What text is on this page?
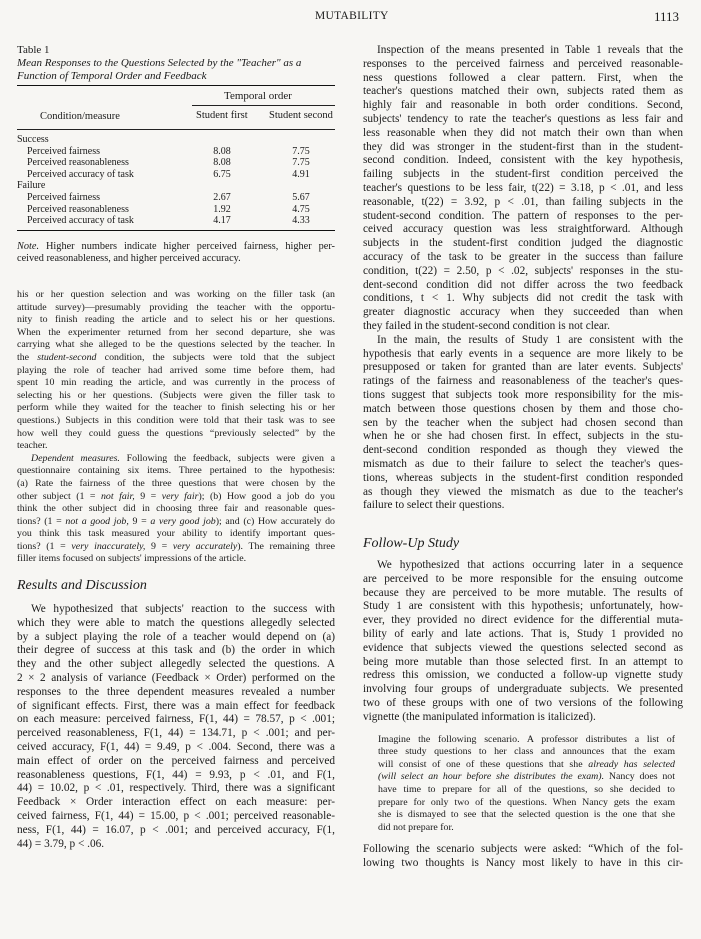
MUTABILITY	1113
Table 1
Mean Responses to the Questions Selected by the "Teacher" as a
Function of Temporal Order and Feedback
Temporal order
Condition/measure	Student first Student second
Success		
Perceived fairness	8.08	7.75
Perceived reasonableness	8.08	7.75
Perceived accuracy of task	6.75	4.91
Failure		
Perceived fairness	2.67	5.67
Perceived reasonableness	1.92	4.75
Perceived accuracy of task	4.17	4.33
Note. Higher numbers indicate higher perceived fairness, higher per-
ceived reasonableness, and higher perceived accuracy.
his or her question selection and was working on the filler task (an
attitude survey)—presumably providing the teacher with the opportu-
nity to finish reading the article and to select his or her questions.
When the experimenter returned from her second departure, she was
carrying what she alleged to be the questions selected by the teacher. In
the student-second condition, the subjects were told that the subject
playing the role of teacher had arrived some time before them, had
spent 10 min reading the article, and was currently in the process of
selecting his or her questions. (Subjects were given the filler task to
perform while they waited for the teacher to finish selecting his or her
questions.) Subjects in this condition were told that their task was to see
how well they could guess the questions “previously selected” by the
teacher.
Dependent measures. Following the feedback, subjects were given a
questionnaire containing six items. Three pertained to the hypothesis:
(a) Rate the fairness of the three questions that were chosen by the
other subject (1 = not fair, 9 = very fair); (b) How good a job do you
think the other subject did in choosing three fair and reasonable ques-
tions? (1 = not a good job, 9 = a very good job); and (c) How accurately do
you think this task measured your ability to identify important ques-
tions? (1 = very inaccurately, 9 = very accurately). The remaining three
filler items focused on subjects' impressions of the article.
Results and Discussion
We hypothesized that subjects' reaction to the success with
which they were able to match the questions allegedly selected
by a subject playing the role of a teacher would depend on (a)
their degree of success at this task and (b) the order in which
they and the other subject allegedly selected the questions. A
2 × 2 analysis of variance (Feedback × Order) performed on the
responses to the three dependent measures revealed a number
of significant effects. First, there was a main effect for feedback
on each measure: perceived fairness, F(1, 44) = 78.57, p < .001;
perceived reasonableness, F(1, 44) = 134.71, p < .001; and per-
ceived accuracy, F(1, 44) = 9.49, p < .004. Second, there was a
main effect of order on the perceived fairness and perceived
reasonableness questions, F(1, 44) = 9.93, p < .01, and F(1,
44) = 10.02, p < .01, respectively. Third, there was a significant
Feedback × Order interaction effect on each measure: per-
ceived fairness, F(1, 44) = 15.00, p < .001; perceived reasonable-
ness, F(1, 44) = 16.07, p < .001; and perceived accuracy, F(1,
44) = 3.79, p < .06.
Inspection of the means presented in Table 1 reveals that the
responses to the perceived fairness and perceived reasonable-
ness questions followed a clear pattern. First, when the
teacher's questions matched their own, subjects rated them as
highly fair and reasonable in both order conditions. Second,
subjects' tendency to rate the teacher's questions as less fair and
less reasonable when they did not match their own than when
they did was stronger in the student-first than in the student-
second condition. Indeed, consistent with the key hypothesis,
failing subjects in the student-first condition perceived the
teacher's questions to be less fair, t(22) = 3.18, p < .01, and less
reasonable, t(22) = 3.92, p < .01, than failing subjects in the
student-second condition. The pattern of responses to the per-
ceived accuracy question was less straightforward. Although
subjects in the student-first condition judged the diagnostic
accuracy of the task to be greater in the success than failure
condition, t(22) = 2.50, p < .02, subjects' responses in the stu-
dent-second condition did not differ across the two feedback
conditions, t < 1. Why subjects did not credit the task with
greater diagnostic accuracy when they succeeded than when
they failed in the student-second condition is not clear.
In the main, the results of Study 1 are consistent with the
hypothesis that early events in a sequence are more likely to be
presupposed or taken for granted than are later events. Subjects'
ratings of the fairness and reasonableness of the teacher's ques-
tions suggest that subjects took more responsibility for the mis-
match between those questions chosen by them and those cho-
sen by the teacher when the subject had chosen second than
when he or she had chosen first. In effect, subjects in the stu-
dent-second condition responded as though they viewed the
mismatch as due to their failure to select the teacher's ques-
tions, whereas subjects in the student-first condition responded
as though they viewed the mismatch as due to the teacher's
failure to select their questions.
Follow-Up Study
We hypothesized that actions occurring later in a sequence
are perceived to be more responsible for the ensuing outcome
because they are perceived to be more mutable. The results of
Study 1 are consistent with this hypothesis; unfortunately, how-
ever, they provided no direct evidence for the differential muta-
bility of early and late actions. That is, Study 1 provided no
evidence that subjects viewed the questions selected second as
being more mutable than those selected first. In an attempt to
redress this omission, we conducted a follow-up vignette study
involving four groups of undergraduate subjects. We presented
two of these groups with one of two versions of the following
vignette (the manipulated information is italicized).
Imagine the following scenario. A professor distributes a list of
three study questions to her class and announces that the exam
will consist of one of these questions that she already has selected
(will select an hour before she distributes the exam). Nancy does not
have time to prepare for all of the questions, so she decided to
prepare for only two of the questions. When Nancy gets the exam
she is dismayed to see that the selected question is the one that she
did not prepare for.
Following the scenario subjects were asked: “Which of the fol-
lowing two thoughts is Nancy most likely to have in this cir-
